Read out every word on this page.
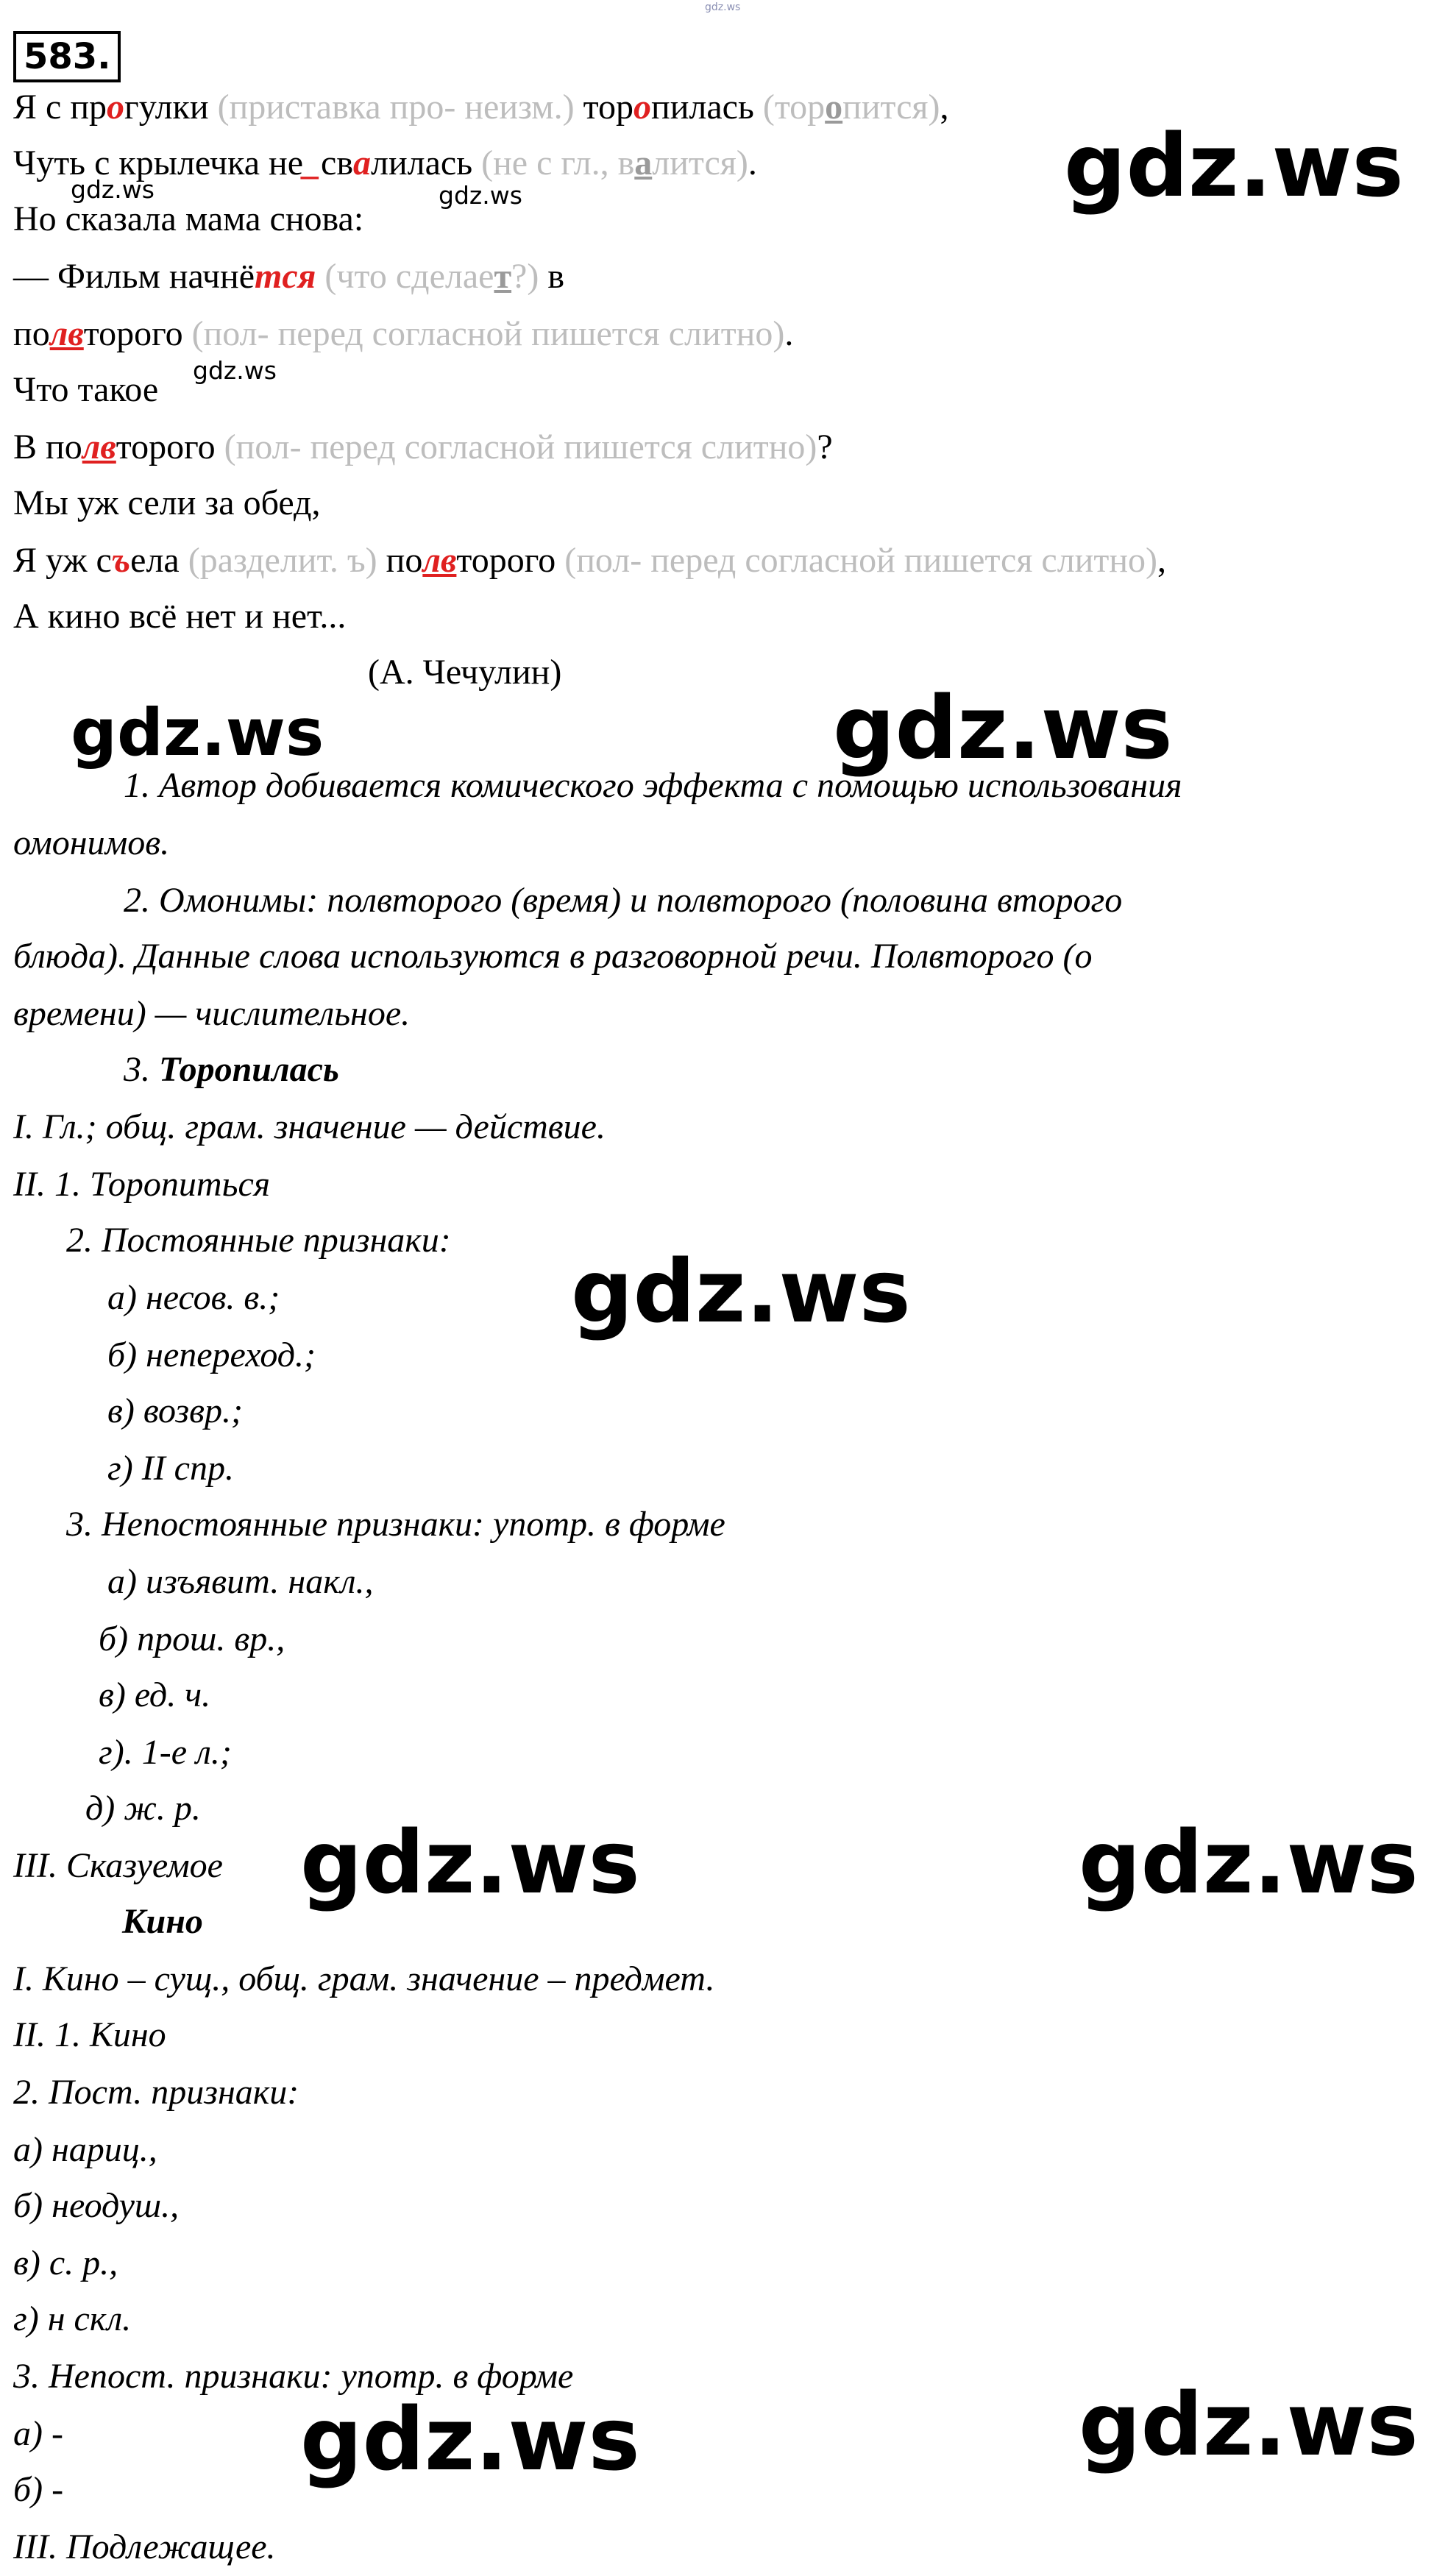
gdz.ws
583.
Я с прогулки (приставка про- неизм.) торопилась (торопится),
Чуть с крылечка не_свалилась (не с гл., валится).
gdz.ws	gdz.ws
Но сказала мама снова:
— Фильм начнётся (что сделает?) в
полвторого (пол- перед согласной пишется слитно).
Что такое gdz.ws
В полвторого (пол- перед согласной пишется слитно)?
Мы уж сели за обед,
Я уж съела (разделит. ъ) полвторого (пол- перед согласной пишется слитно),
А кино всё нет и нет...
(А. Чечулин)
gdz.ws
gdz.ws	gdz.ws
1. Автор добивается комического эффекта с помощью использования
омонимов.
2. Омонимы: полвторого (время) и полвторого (половина второго
блюда). Данные слова используются в разговорной речи. Полвторого (о
времени) — числительное.
3. Торопилась
I. Гл.; общ. грам. значение — действие.
II. 1. Торопиться
2. Постоянные признаки:
а) несов. в.;
б) непереход.;
в) возвр.;
г) II спр.
3. Непостоянные признаки: употр. в форме
а) изъявит. накл.,
б) прош. вр.,
в) ед. ч.
г). 1-е л.;
д) ж. р.
III. Сказуемое
gdz.ws
gdz.ws	gdz.ws
Кино
I. Кино – сущ., общ. грам. значение – предмет.
II. 1. Кино
2. Пост. признаки:
а) нариц.,
б) неодуш.,
в) с. р.,
г) н скл.
3. Непост. признаки: употр. в форме
а) -
б) -
III. Подлежащее.
gdz.ws	gdz.ws
